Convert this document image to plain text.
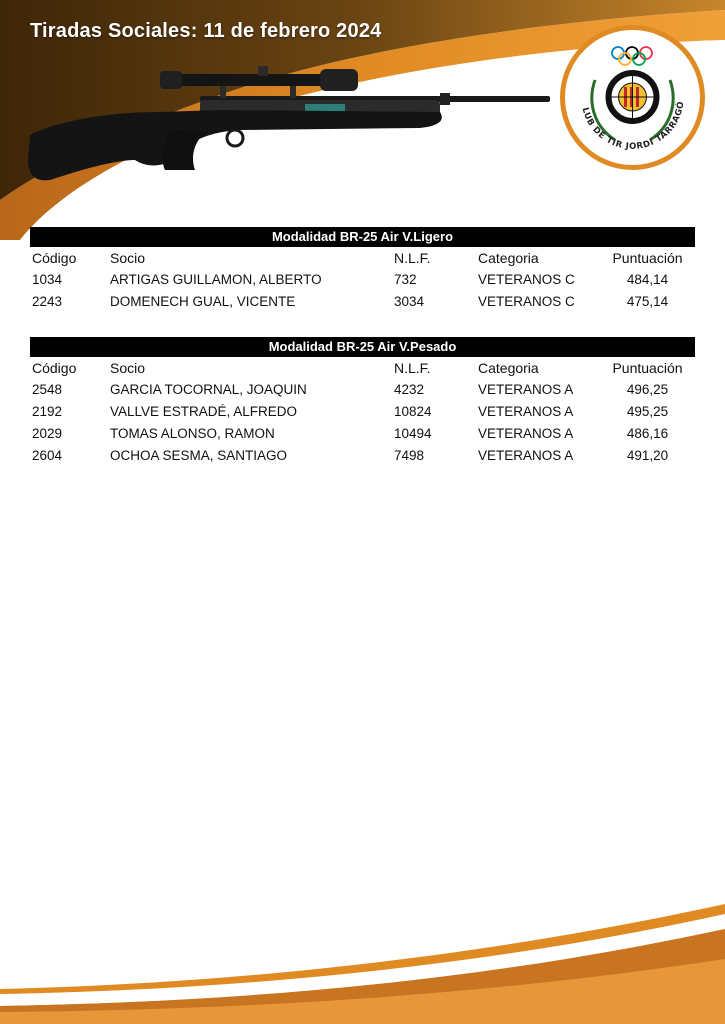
Tiradas Sociales: 11 de febrero 2024
LUB DE TIR JORDI TARRAGÓ
Modalidad BR-25 Air V.Ligero
Código Socio	N.L.F.	Categoria	Puntuación
1034	ARTIGAS GUILLAMON, ALBERTO	732	VETERANOS C	484,14
2243	DOMENECH GUAL, VICENTE	3034	VETERANOS C	475,14
Modalidad BR-25 Air V.Pesado
Código Socio	N.L.F.	Categoria	Puntuación
2548	GARCIA TOCORNAL, JOAQUIN	4232	VETERANOS A	496,25
2192	VALLVE ESTRADÉ, ALFREDO	10824	VETERANOS A	495,25
2029	TOMAS ALONSO, RAMON	10494	VETERANOS A	486,16
2604	OCHOA SESMA, SANTIAGO	7498	VETERANOS A	491,20
